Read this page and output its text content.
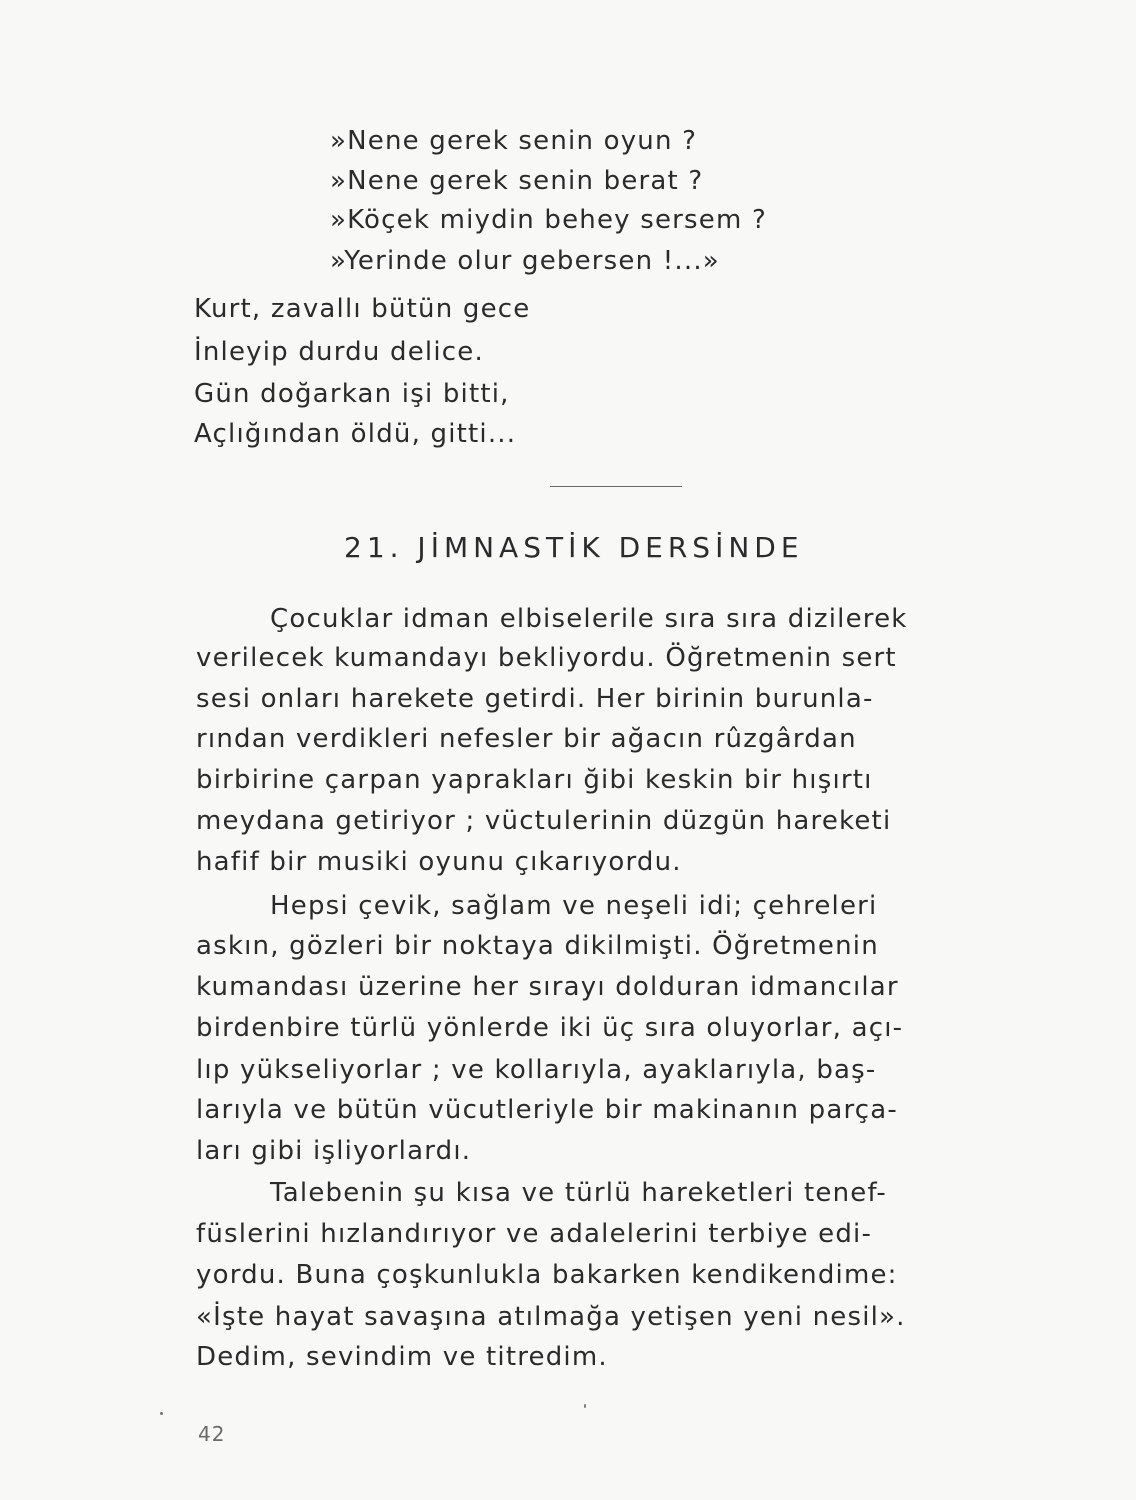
»Nene gerek senin oyun ?
»Nene gerek senin berat ?
»Köçek miydin behey sersem ?
»Yerinde olur gebersen !...»
Kurt, zavallı bütün gece
İnleyip durdu delice.
Gün doğarkan işi bitti,
Açlığından öldü, gitti...
21. JİMNASTİK DERSİNDE
Çocuklar idman elbiselerile sıra sıra dizilerek
verilecek kumandayı bekliyordu. Öğretmenin sert
sesi onları harekete getirdi. Her birinin burunla-
rından verdikleri nefesler bir ağacın rûzgârdan
birbirine çarpan yaprakları ğibi keskin bir hışırtı
meydana getiriyor ; vüctulerinin düzgün hareketi
hafif bir musiki oyunu çıkarıyordu.
Hepsi çevik, sağlam ve neşeli idi; çehreleri
askın, gözleri bir noktaya dikilmişti. Öğretmenin
kumandası üzerine her sırayı dolduran idmancılar
birdenbire türlü yönlerde iki üç sıra oluyorlar, açı-
lıp yükseliyorlar ; ve kollarıyla, ayaklarıyla, baş-
larıyla ve bütün vücutleriyle bir makinanın parça-
ları gibi işliyorlardı.
Talebenin şu kısa ve türlü hareketleri tenef-
füslerini hızlandırıyor ve adalelerini terbiye edi-
yordu. Buna çoşkunlukla bakarken kendikendime:
«İşte hayat savaşına atılmağa yetişen yeni nesil».
Dedim, sevindim ve titredim.
42
